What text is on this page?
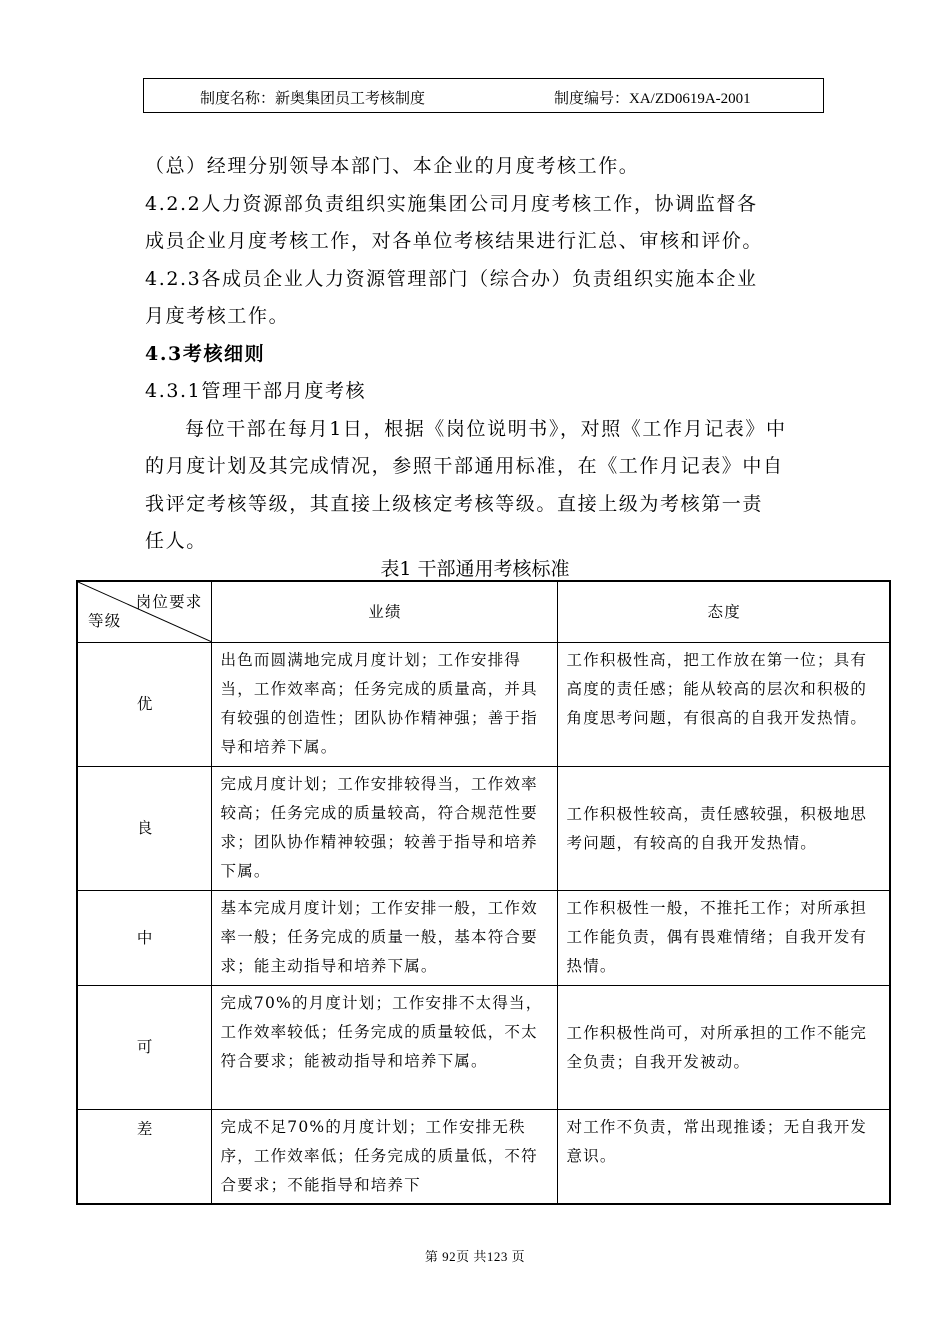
制度名称：新奥集团员工考核制度	制度编号：XA/ZD0619A-2001

（总）经理分别领导本部门、本企业的月度考核工作。

4.2.2人力资源部负责组织实施集团公司月度考核工作，协调监督各

成员企业月度考核工作，对各单位考核结果进行汇总、审核和评价。

4.2.3各成员企业人力资源管理部门（综合办）负责组织实施本企业

月度考核工作。

4.3考核细则

4.3.1管理干部月度考核

每位干部在每月1日，根据《岗位说明书》，对照《工作月记表》中

的月度计划及其完成情况，参照干部通用标准，在《工作月记表》中自

我评定考核等级，其直接上级核定考核等级。直接上级为考核第一责

任人。

表1 干部通用考核标准
岗位要求
等级	业绩	态度
优	出色而圆满地完成月度计划；工作安排得当，工作效率高；任务完成的质量高，并具有较强的创造性；团队协作精神强；善于指导和培养下属。	工作积极性高，把工作放在第一位；具有高度的责任感；能从较高的层次和积极的角度思考问题，有很高的自我开发热情。
良	完成月度计划；工作安排较得当，工作效率较高；任务完成的质量较高，符合规范性要求；团队协作精神较强；较善于指导和培养下属。	工作积极性较高，责任感较强，积极地思考问题，有较高的自我开发热情。
中	基本完成月度计划；工作安排一般，工作效率一般；任务完成的质量一般，基本符合要求；能主动指导和培养下属。	工作积极性一般，不推托工作；对所承担工作能负责，偶有畏难情绪；自我开发有热情。
可	完成70%的月度计划；工作安排不太得当，工作效率较低；任务完成的质量较低，不太符合要求；能被动指导和培养下属。	工作积极性尚可，对所承担的工作不能完全负责；自我开发被动。
差	完成不足70%的月度计划；工作安排无秩序，工作效率低；任务完成的质量低，不符合要求；不能指导和培养下	对工作不负责，常出现推诿；无自我开发意识。
第 92页 共123 页
